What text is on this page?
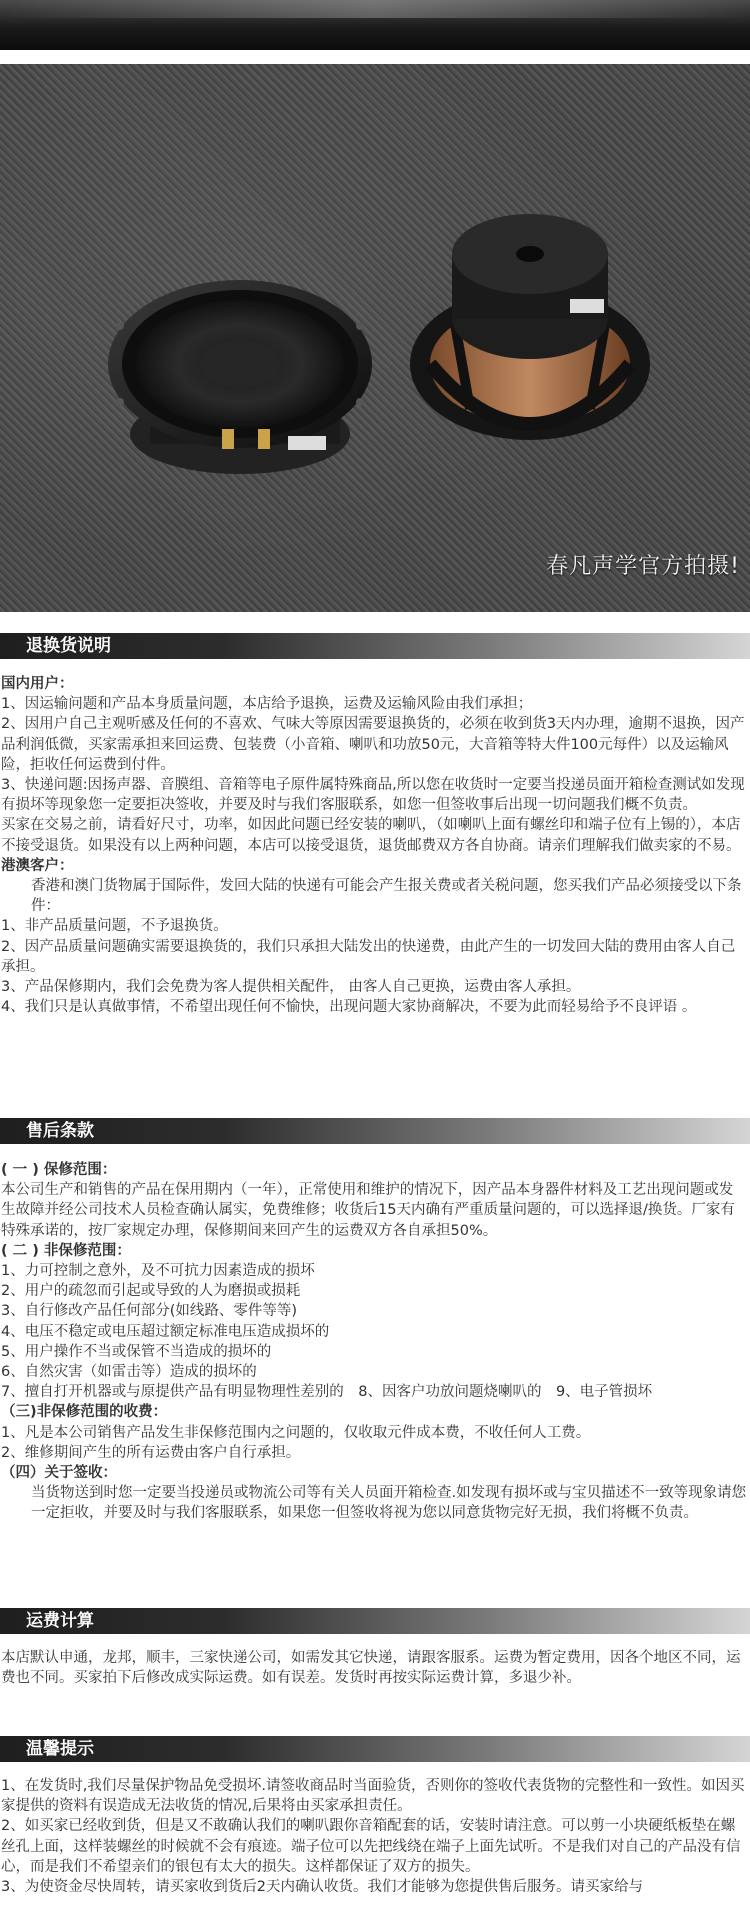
春凡声学官方拍摄!
退换货说明

国内用户：

1、因运输问题和产品本身质量问题，本店给予退换，运费及运输风险由我们承担；

2、因用户自己主观听感及任何的不喜欢、气味大等原因需要退换货的，必须在收到货3天内办理，逾期不退换，因产品利润低微，买家需承担来回运费、包装费（小音箱、喇叭和功放50元，大音箱等特大件100元每件）以及运输风险，拒收任何运费到付件。

3、快递问题:因扬声器、音膜组、音箱等电子原件属特殊商品,所以您在收货时一定要当投递员面开箱检查测试如发现有损坏等现象您一定要拒决签收，并要及时与我们客服联系，如您一但签收事后出现一切问题我们概不负责。

买家在交易之前，请看好尺寸，功率，如因此问题已经安装的喇叭，（如喇叭上面有螺丝印和端子位有上锡的），本店不接受退货。如果没有以上两种问题，本店可以接受退货，退货邮费双方各自协商。请亲们理解我们做卖家的不易。

港澳客户：

香港和澳门货物属于国际件，发回大陆的快递有可能会产生报关费或者关税问题，您买我们产品必须接受以下条件：

1、非产品质量问题，不予退换货。

2、因产品质量问题确实需要退换货的，我们只承担大陆发出的快递费，由此产生的一切发回大陆的费用由客人自己承担。

3、产品保修期内，我们会免费为客人提供相关配件， 由客人自己更换，运费由客人承担。

4、我们只是认真做事情，不希望出现任何不愉快，出现问题大家协商解决，不要为此而轻易给予不良评语 。

售后条款

( 一 ) 保修范围：

本公司生产和销售的产品在保用期内（一年），正常使用和维护的情况下，因产品本身器件材料及工艺出现问题或发生故障并经公司技术人员检查确认属实，免费维修；收货后15天内确有严重质量问题的，可以选择退/换货。厂家有特殊承诺的，按厂家规定办理，保修期间来回产生的运费双方各自承担50%。

( 二 ) 非保修范围：

1、力可控制之意外，及不可抗力因素造成的损坏

2、用户的疏忽而引起或导致的人为磨损或损耗

3、自行修改产品任何部分(如线路、零件等等)

4、电压不稳定或电压超过额定标准电压造成损坏的

5、用户操作不当或保管不当造成的损坏的

6、自然灾害（如雷击等）造成的损坏的

7、擅自打开机器或与原提供产品有明显物理性差别的　8、因客户功放问题烧喇叭的　9、电子管损坏

（三)非保修范围的收费：

1、凡是本公司销售产品发生非保修范围内之问题的，仅收取元件成本费，不收任何人工费。

2、维修期间产生的所有运费由客户自行承担。

（四）关于签收：

当货物送到时您一定要当投递员或物流公司等有关人员面开箱检查.如发现有损坏或与宝贝描述不一致等现象请您一定拒收，并要及时与我们客服联系，如果您一但签收将视为您以同意货物完好无损，我们将概不负责。

运费计算

本店默认申通，龙邦，顺丰，三家快递公司，如需发其它快递，请跟客服系。运费为暂定费用，因各个地区不同，运费也不同。买家拍下后修改成实际运费。如有误差。发货时再按实际运费计算，多退少补。

温馨提示

1、在发货时,我们尽量保护物品免受损坏.请签收商品时当面验货，否则你的签收代表货物的完整性和一致性。如因买家提供的资料有误造成无法收货的情况,后果将由买家承担责任。

2、如买家已经收到货，但是又不敢确认我们的喇叭跟你音箱配套的话，安装时请注意。可以剪一小块硬纸板垫在螺丝孔上面，这样装螺丝的时候就不会有痕迹。端子位可以先把线绕在端子上面先试听。不是我们对自己的产品没有信心，而是我们不希望亲们的银包有太大的损失。这样都保证了双方的损失。

3、为使资金尽快周转，请买家收到货后2天内确认收货。我们才能够为您提供售后服务。请买家给与
